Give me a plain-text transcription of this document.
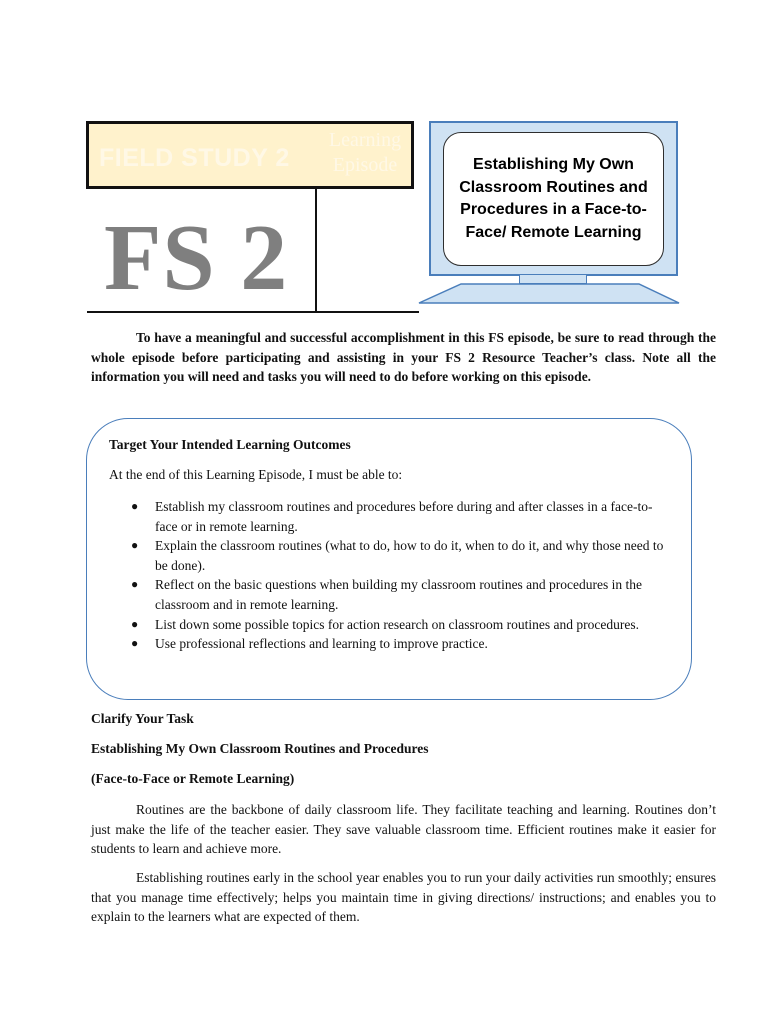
FIELD STUDY 2
Learning Episode
FS 2
Establishing My Own Classroom Routines and Procedures in a Face-to-Face/ Remote Learning

To have a meaningful and successful accomplishment in this FS episode, be sure to read through the whole episode before participating and assisting in your FS 2 Resource Teacher’s class. Note all the information you will need and tasks you will need to do before working on this episode.

Target Your Intended Learning Outcomes
At the end of this Learning Episode, I must be able to:
● Establish my classroom routines and procedures before during and after classes in a face-to-face or in remote learning.
● Explain the classroom routines (what to do, how to do it, when to do it, and why those need to be done).
● Reflect on the basic questions when building my classroom routines and procedures in the classroom and in remote learning.
● List down some possible topics for action research on classroom routines and procedures.
● Use professional reflections and learning to improve practice.
Clarify Your Task
Establishing My Own Classroom Routines and Procedures
(Face-to-Face or Remote Learning)

Routines are the backbone of daily classroom life. They facilitate teaching and learning. Routines don’t just make the life of the teacher easier. They save valuable classroom time. Efficient routines make it easier for students to learn and achieve more.

Establishing routines early in the school year enables you to run your daily activities run smoothly; ensures that you manage time effectively; helps you maintain time in giving directions/ instructions; and enables you to explain to the learners what are expected of them.
